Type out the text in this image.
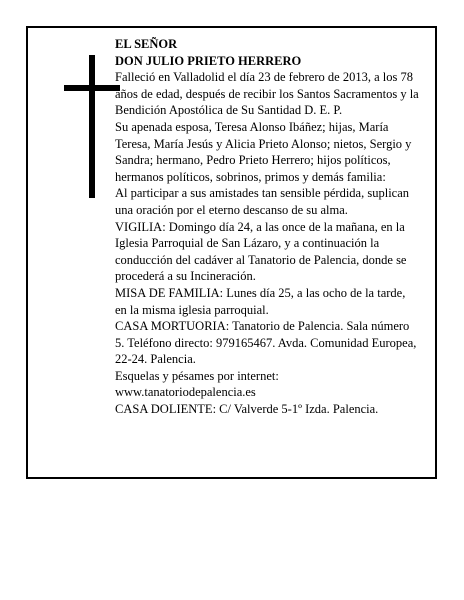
EL SEÑOR

DON JULIO PRIETO HERRERO

Falleció en Valladolid el día 23 de febrero de 2013, a los 78 años de edad, después de recibir los Santos Sacramentos y la Bendición Apostólica de Su Santidad D. E. P.

Su apenada esposa, Teresa Alonso Ibáñez; hijas, María Teresa, María Jesús y Alicia Prieto Alonso; nietos, Sergio y Sandra; hermano, Pedro Prieto Herrero; hijos políticos, hermanos políticos, sobrinos, primos y demás familia:

Al participar a sus amistades tan sensible pérdida, suplican una oración por el eterno descanso de su alma.

VIGILIA: Domingo día 24, a las once de la mañana, en la Iglesia Parroquial de San Lázaro, y a continuación la conducción del cadáver al Tanatorio de Palencia, donde se procederá a su Incineración.

MISA DE FAMILIA: Lunes día 25, a las ocho de la tarde, en la misma iglesia parroquial.

CASA MORTUORIA: Tanatorio de Palencia. Sala número 5. Teléfono directo: 979165467. Avda. Comunidad Europea, 22-24. Palencia.

Esquelas y pésames por internet: www.tanatoriodepalencia.es

CASA DOLIENTE: C/ Valverde 5-1º Izda. Palencia.
